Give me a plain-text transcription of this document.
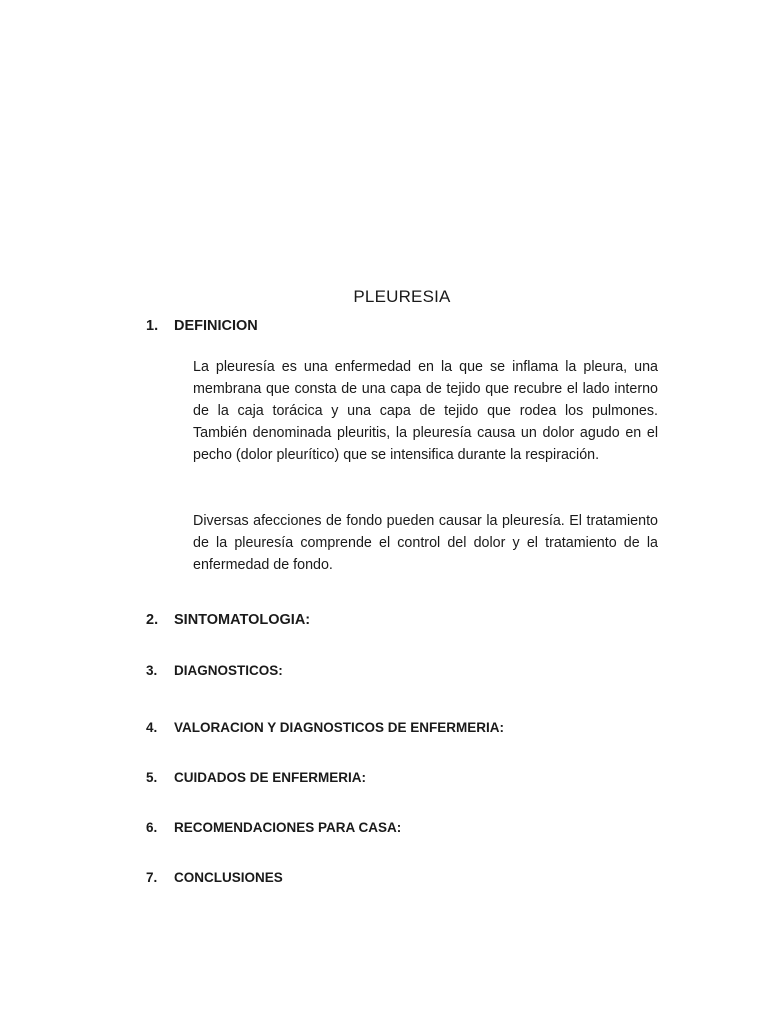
PLEURESIA
1.	DEFINICION

La pleuresía es una enfermedad en la que se inflama la pleura, una membrana que consta de una capa de tejido que recubre el lado interno de la caja torácica y una capa de tejido que rodea los pulmones. También denominada pleuritis, la pleuresía causa un dolor agudo en el pecho (dolor pleurítico) que se intensifica durante la respiración.

Diversas afecciones de fondo pueden causar la pleuresía. El tratamiento de la pleuresía comprende el control del dolor y el tratamiento de la enfermedad de fondo.

2.	SINTOMATOLOGIA:
3.	DIAGNOSTICOS:
4.	VALORACION Y DIAGNOSTICOS DE ENFERMERIA:
5.	CUIDADOS DE ENFERMERIA:
6.	RECOMENDACIONES PARA CASA:
7.	CONCLUSIONES
